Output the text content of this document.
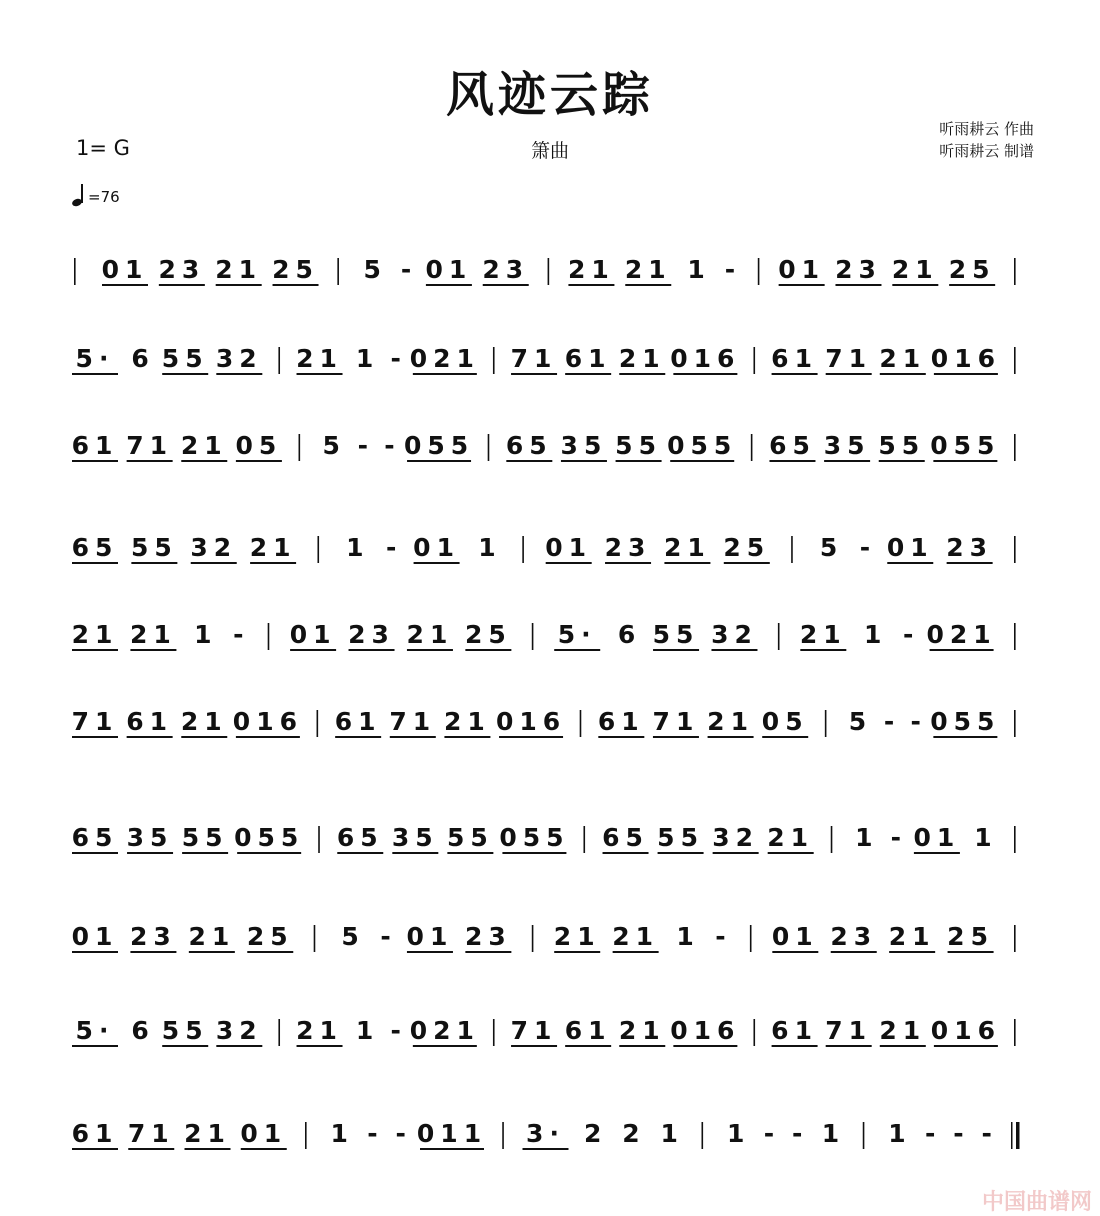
风迹云踪
箫曲
1= G
=76
听雨耕云 作曲
听雨耕云 制谱
01 23 21 25 5 - 01 23 21 21 1 - 01 23 21 25
5· 6 55 32 21 1 - 021 71 61 21 016 61 71 21 016
61 71 21 05 5 - - 055 65 35 55 055 65 35 55 055
65 55 32 21 1 - 01 1 01 23 21 25 5 - 01 23
21 21 1 - 01 23 21 25 5· 6 55 32 21 1 - 021
71 61 21 016 61 71 21 016 61 71 21 05 5 - - 055
65 35 55 055 65 35 55 055 65 55 32 21 1 - 01 1
01 23 21 25 5 - 01 23 21 21 1 - 01 23 21 25
5· 6 55 32 21 1 - 021 71 61 21 016 61 71 21 016
61 71 21 01 1 - - 011 3· 2 2 1 1 - - 1 1 - - -
中国曲谱网
